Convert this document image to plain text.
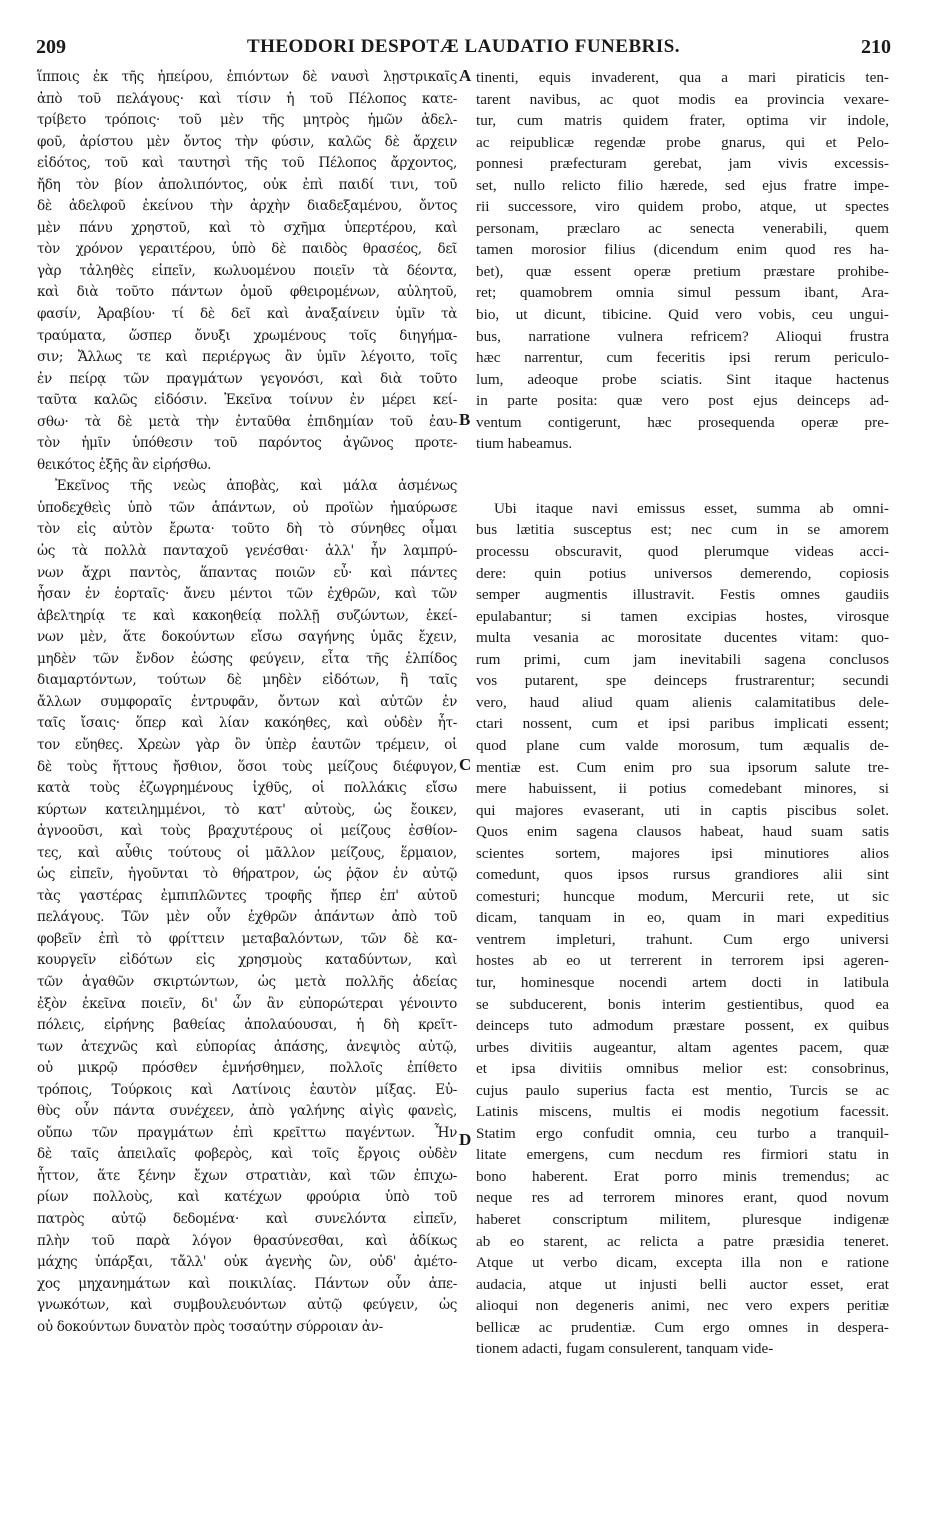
209	THEODORI DESPOTÆ LAUDATIO FUNEBRIS.	210
ἵπποις ἐκ τῆς ἠπείρου, ἐπιόντων δὲ ναυσὶ λῃστρικαῖς
ἀπὸ τοῦ πελάγους· καὶ τίσιν ἡ τοῦ Πέλοπος κατε-
τρίβετο τρόποις· τοῦ μὲν τῆς μητρὸς ἡμῶν ἀδελ-
φοῦ, ἀρίστου μὲν ὄντος τὴν φύσιν, καλῶς δὲ ἄρχειν
εἰδότος, τοῦ καὶ ταυτησὶ τῆς τοῦ Πέλοπος ἄρχοντος,
ἤδη τὸν βίον ἀπολιπόντος, οὐκ ἐπὶ παιδί τινι, τοῦ
δὲ ἀδελφοῦ ἐκείνου τὴν ἀρχὴν διαδεξαμένου, ὄντος
μὲν πάνυ χρηστοῦ, καὶ τὸ σχῆμα ὑπερτέρου, καὶ
τὸν χρόνον γεραιτέρου, ὑπὸ δὲ παιδὸς θρασέος, δεῖ
γὰρ τἀληθὲς εἰπεῖν, κωλυομένου ποιεῖν τὰ δέοντα,
καὶ διὰ τοῦτο πάντων ὁμοῦ φθειρομένων, αὐλητοῦ,
φασίν, Ἀραβίου· τί δὲ δεῖ καὶ ἀναξαίνειν ὑμῖν τὰ
τραύματα, ὥσπερ ὄνυξι χρωμένους τοῖς διηγήμα-
σιν; Ἄλλως τε καὶ περιέργως ἂν ὑμῖν λέγοιτο, τοῖς
ἐν πείρᾳ τῶν πραγμάτων γεγονόσι, καὶ διὰ τοῦτο
ταῦτα καλῶς εἰδόσιν. Ἐκεῖνα τοίνυν ἐν μέρει κεί-
σθω· τὰ δὲ μετὰ τὴν ἐνταῦθα ἐπιδημίαν τοῦ ἐαυ-
τὸν ἡμῖν ὑπόθεσιν τοῦ παρόντος ἀγῶνος προτε-
θεικότος ἑξῆς ἂν εἰρήσθω.
Ἐκεῖνος τῆς νεὼς ἀποβὰς, καὶ μάλα ἀσμένως
ὑποδεχθεὶς ὑπὸ τῶν ἁπάντων, οὐ προϊὼν ἠμαύρωσε
τὸν εἰς αὐτὸν ἔρωτα· τοῦτο δὴ τὸ σύνηθες οἶμαι
ὡς τὰ πολλὰ πανταχοῦ γενέσθαι· ἀλλ' ἦν λαμπρύ-
νων ἄχρι παντὸς, ἅπαντας ποιῶν εὖ· καὶ πάντες
ἦσαν ἐν ἑορταῖς· ἄνευ μέντοι τῶν ἐχθρῶν, καὶ τῶν
ἀβελτηρίᾳ τε καὶ κακοηθείᾳ πολλῇ συζώντων, ἐκεί-
νων μὲν, ἅτε δοκούντων εἴσω σαγήνης ὑμᾶς ἔχειν,
μηδὲν τῶν ἔνδον ἐώσης φεύγειν, εἶτα τῆς ἐλπίδος
διαμαρτόντων, τούτων δὲ μηδὲν εἰδότων, ἢ ταῖς
ἄλλων συμφοραῖς ἐντρυφᾶν, ὄντων καὶ αὐτῶν ἐν
ταῖς ἴσαις· ὅπερ καὶ λίαν κακόηθες, καὶ οὐδὲν ἧτ-
τον εὔηθες. Χρεὼν γὰρ ὂν ὑπὲρ ἑαυτῶν τρέμειν, οἱ
δὲ τοὺς ἥττους ἤσθιον, ὅσοι τοὺς μείζους διέφυγον,
κατὰ τοὺς ἐζωγρημένους ἰχθῦς, οἱ πολλάκις εἴσω
κύρτων κατειλημμένοι, τὸ κατ' αὐτοὺς, ὡς ἔοικεν,
ἀγνοοῦσι, καὶ τοὺς βραχυτέρους οἱ μείζους ἐσθίον-
τες, καὶ αὖθις τούτους οἱ μᾶλλον μείζους, ἕρμαιον,
ὡς εἰπεῖν, ἡγοῦνται τὸ θήρατρον, ὡς ῥᾷον ἐν αὐτῷ
τὰς γαστέρας ἐμπιπλῶντες τροφῆς ἤπερ ἐπ' αὐτοῦ
πελάγους. Τῶν μὲν οὖν ἐχθρῶν ἁπάντων ἀπὸ τοῦ
φοβεῖν ἐπὶ τὸ φρίττειν μεταβαλόντων, τῶν δὲ κα-
κουργεῖν εἰδότων εἰς χρησμοὺς καταδύντων, καὶ
τῶν ἀγαθῶν σκιρτώντων, ὡς μετὰ πολλῆς ἀδείας
ἐξὸν ἐκεῖνα ποιεῖν, δι' ὧν ἂν εὐπορώτεραι γένοιντο
πόλεις, εἰρήνης βαθείας ἀπολαύουσαι, ἡ δὴ κρεῖτ-
των ἀτεχνῶς καὶ εὐπορίας ἁπάσης, ἀνεψιὸς αὐτῷ,
οὐ μικρῷ πρόσθεν ἐμνήσθημεν, πολλοῖς ἐπίθετο
τρόποις, Τούρκοις καὶ Λατίνοις ἑαυτὸν μίξας. Εὐ-
θὺς οὖν πάντα συνέχεεν, ἀπὸ γαλήνης αἰγὶς φανεὶς,
οὔπω τῶν πραγμάτων ἐπὶ κρεῖττω παγέντων. Ἦν
δὲ ταῖς ἀπειλαῖς φοβερὸς, καὶ τοῖς ἔργοις οὐδὲν
ἧττον, ἅτε ξένην ἔχων στρατιὰν, καὶ τῶν ἐπιχω-
ρίων πολλοὺς, καὶ κατέχων φρούρια ὑπὸ τοῦ
πατρὸς αὐτῷ δεδομένα· καὶ συνελόντα εἰπεῖν,
πλὴν τοῦ παρὰ λόγον θρασύνεσθαι, καὶ ἀδίκως
μάχης ὑπάρξαι, τἄλλ' οὐκ ἀγενὴς ὢν, οὐδ' ἀμέτο-
χος μηχανημάτων καὶ ποικιλίας. Πάντων οὖν ἀπε-
γνωκότων, καὶ συμβουλευόντων αὐτῷ φεύγειν, ὡς
οὐ δοκούντων δυνατὸν πρὸς τοσαύτην σύρροιαν ἀν-
tinenti, equis invaderent, qua a mari piraticis ten-
tarent navibus, ac quot modis ea provincia vexare-
tur, cum matris quidem frater, optima vir indole,
ac reipublicæ regendæ probe gnarus, qui et Pelo-
ponnesi præfecturam gerebat, jam vivis excessis-
set, nullo relicto filio hærede, sed ejus fratre impe-
rii successore, viro quidem probo, atque, ut spectes
personam, præclaro ac senecta venerabili, quem
tamen morosior filius (dicendum enim quod res ha-
bet), quæ essent operæ pretium præstare prohibe-
ret; quamobrem omnia simul pessum ibant, Ara-
bio, ut dicunt, tibicine. Quid vero vobis, ceu ungui-
bus, narratione vulnera refricem? Alioqui frustra
hæc narrentur, cum feceritis ipsi rerum periculo-
lum, adeoque probe sciatis. Sint itaque hactenus
in parte posita: quæ vero post ejus deinceps ad-
ventum contigerunt, hæc prosequenda operæ pre-
tium habeamus.
Ubi itaque navi emissus esset, summa ab omni-
bus lætitia susceptus est; nec cum in se amorem
processu obscuravit, quod plerumque videas acci-
dere: quin potius universos demerendo, copiosis
semper augmentis illustravit. Festis omnes gaudiis
epulabantur; si tamen excipias hostes, virosque
multa vesania ac morositate ducentes vitam: quo-
rum primi, cum jam inevitabili sagena conclusos
vos putarent, spe deinceps frustrarentur; secundi
vero, haud aliud quam alienis calamitatibus dele-
ctari nossent, cum et ipsi paribus implicati essent;
quod plane cum valde morosum, tum æqualis de-
mentiæ est. Cum enim pro sua ipsorum salute tre-
mere habuissent, ii potius comedebant minores, si
qui majores evaserant, uti in captis piscibus solet.
Quos enim sagena clausos habeat, haud suam satis
scientes sortem, majores ipsi minutiores alios
comedunt, quos ipsos rursus grandiores alii sint
comesturi; huncque modum, Mercurii rete, ut sic
dicam, tanquam in eo, quam in mari expeditius
ventrem impleturi, trahunt. Cum ergo universi
hostes ab eo ut terrerent in terrorem ipsi ageren-
tur, hominesque nocendi artem docti in latibula
se subducerent, bonis interim gestientibus, quod ea
deinceps tuto admodum præstare possent, ex quibus
urbes divitiis augeantur, altam agentes pacem, quæ
et ipsa divitiis omnibus melior est: consobrinus,
cujus paulo superius facta est mentio, Turcis se ac
Latinis miscens, multis ei modis negotium facessit.
Statim ergo confudit omnia, ceu turbo a tranquil-
litate emergens, cum necdum res firmiori statu in
bono haberent. Erat porro minis tremendus; ac
neque res ad terrorem minores erant, quod novum
haberet conscriptum militem, pluresque indigenæ
ab eo starent, ac relicta a patre præsidia teneret.
Atque ut verbo dicam, excepta illa non e ratione
audacia, atque ut injusti belli auctor esset, erat
alioqui non degeneris animi, nec vero expers peritiæ
bellicæ ac prudentiæ. Cum ergo omnes in despera-
tionem adacti, fugam consulerent, tanquam vide-
A
B
C
D
